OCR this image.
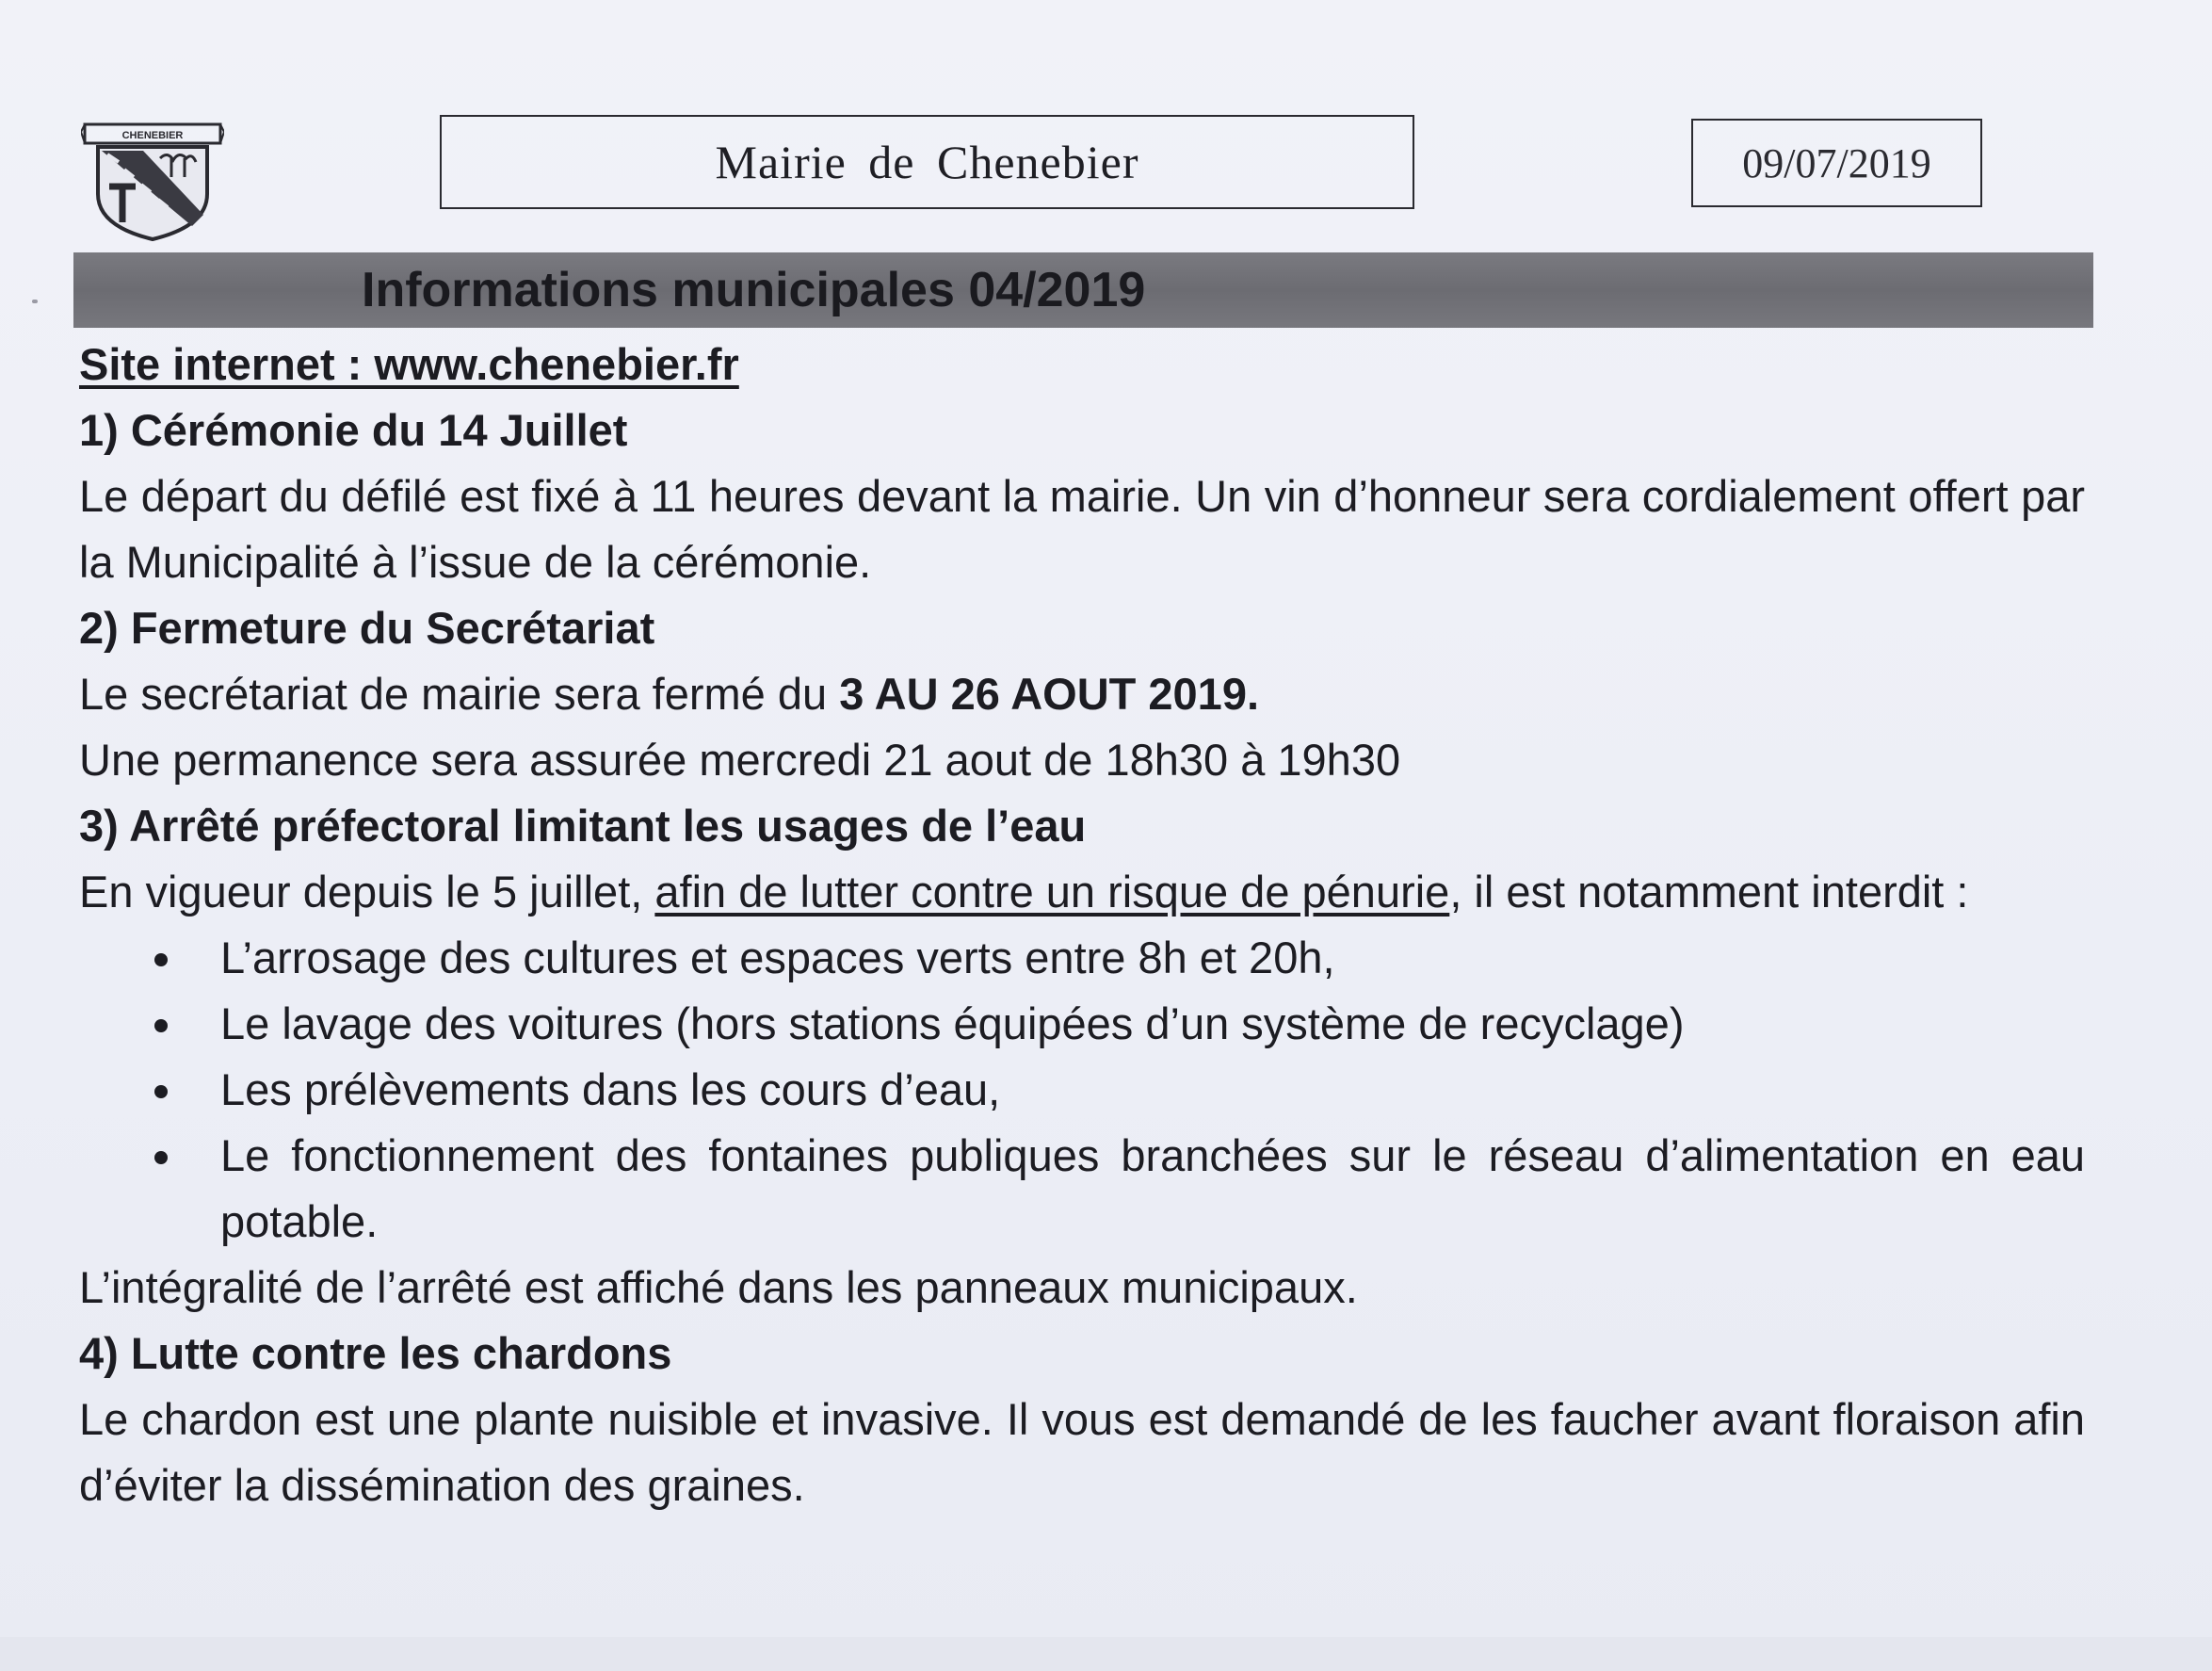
CHENEBIER	Mairie de Chenebier	09/07/2019
Informations municipales 04/2019

Site internet : www.chenebier.fr

1) Cérémonie du 14 Juillet

Le départ du défilé est fixé à 11 heures devant la mairie. Un vin d’honneur sera cordialement offert par la Municipalité à l’issue de la cérémonie.

2) Fermeture du Secrétariat

Le secrétariat de mairie sera fermé du 3 AU 26 AOUT 2019.

Une permanence sera assurée mercredi 21 aout de 18h30 à 19h30

3) Arrêté préfectoral limitant les usages de l’eau

En vigueur depuis le 5 juillet, afin de lutter contre un risque de pénurie, il est notamment interdit :

L’arrosage des cultures et espaces verts entre 8h et 20h,
Le lavage des voitures (hors stations équipées d’un système de recyclage)
Les prélèvements dans les cours d’eau,
Le fonctionnement des fontaines publiques branchées sur le réseau d’alimentation en eau potable.

L’intégralité de l’arrêté est affiché dans les panneaux municipaux.

4) Lutte contre les chardons

Le chardon est une plante nuisible et invasive. Il vous est demandé de les faucher avant floraison afin d’éviter la dissémination des graines.
